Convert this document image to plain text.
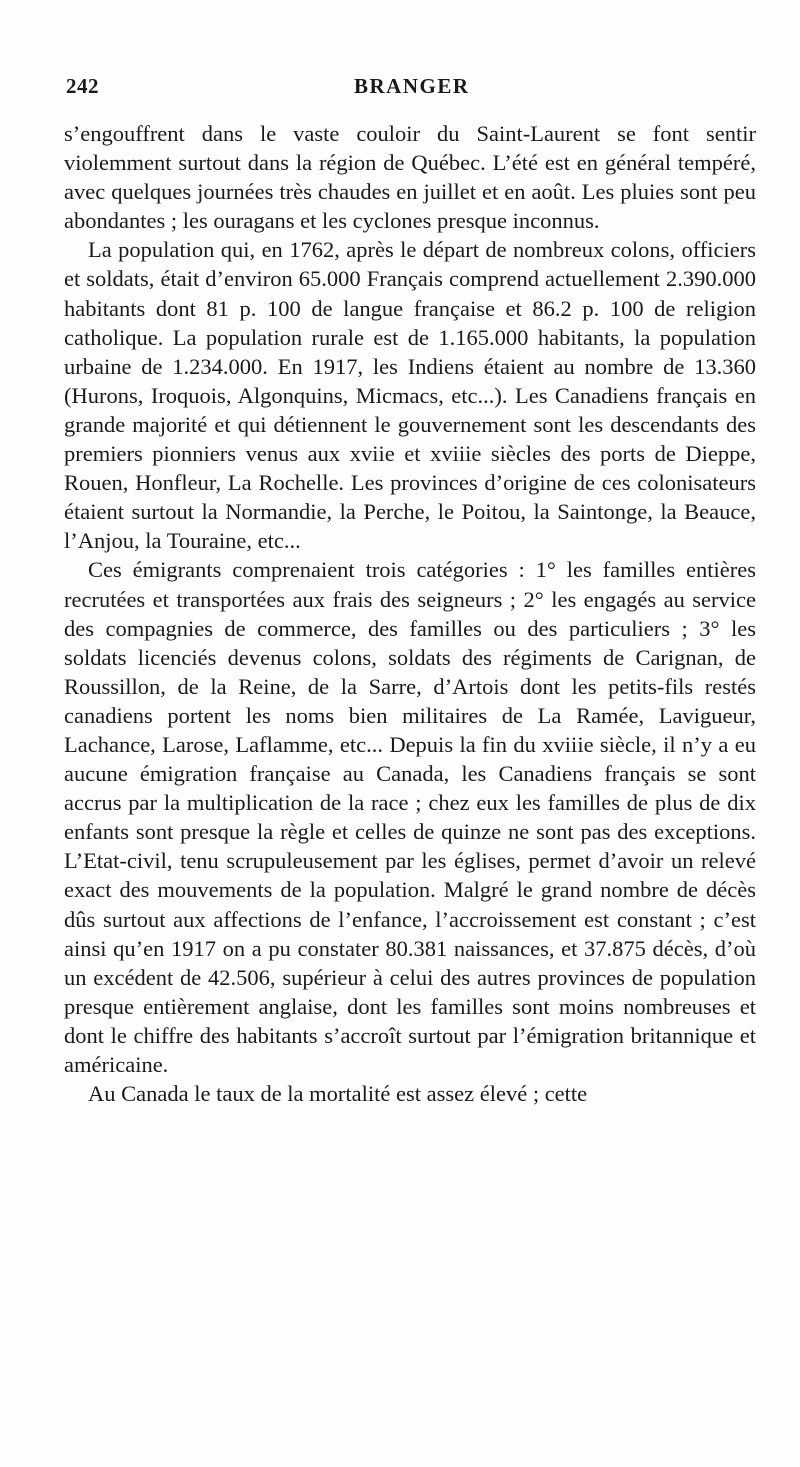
242	BRANGER

s’engouffrent dans le vaste couloir du Saint-Laurent se font sentir violemment surtout dans la région de Québec. L’été est en général tempéré, avec quelques journées très chaudes en juillet et en août. Les pluies sont peu abondantes ; les ouragans et les cyclones presque inconnus.

La population qui, en 1762, après le départ de nombreux colons, officiers et soldats, était d’environ 65.000 Français comprend actuellement 2.390.000 habitants dont 81 p. 100 de langue française et 86.2 p. 100 de religion catholique. La population rurale est de 1.165.000 habitants, la population urbaine de 1.234.000. En 1917, les Indiens étaient au nombre de 13.360 (Hurons, Iroquois, Algonquins, Micmacs, etc...). Les Canadiens français en grande majorité et qui détiennent le gouvernement sont les descendants des premiers pionniers venus aux xviie et xviiie siècles des ports de Dieppe, Rouen, Honfleur, La Rochelle. Les provinces d’origine de ces colonisateurs étaient surtout la Normandie, la Perche, le Poitou, la Saintonge, la Beauce, l’Anjou, la Touraine, etc...

Ces émigrants comprenaient trois catégories : 1° les familles entières recrutées et transportées aux frais des seigneurs ; 2° les engagés au service des compagnies de commerce, des familles ou des particuliers ; 3° les soldats licenciés devenus colons, soldats des régiments de Carignan, de Roussillon, de la Reine, de la Sarre, d’Artois dont les petits-fils restés canadiens portent les noms bien militaires de La Ramée, Lavigueur, Lachance, Larose, Laflamme, etc... Depuis la fin du xviiie siècle, il n’y a eu aucune émigration française au Canada, les Canadiens français se sont accrus par la multiplication de la race ; chez eux les familles de plus de dix enfants sont presque la règle et celles de quinze ne sont pas des exceptions. L’Etat-civil, tenu scrupuleusement par les églises, permet d’avoir un relevé exact des mouvements de la population. Malgré le grand nombre de décès dûs surtout aux affections de l’enfance, l’accroissement est constant ; c’est ainsi qu’en 1917 on a pu constater 80.381 naissances, et 37.875 décès, d’où un excédent de 42.506, supérieur à celui des autres provinces de population presque entièrement anglaise, dont les familles sont moins nombreuses et dont le chiffre des habitants s’accroît surtout par l’émigration britannique et américaine.

Au Canada le taux de la mortalité est assez élevé ; cette
